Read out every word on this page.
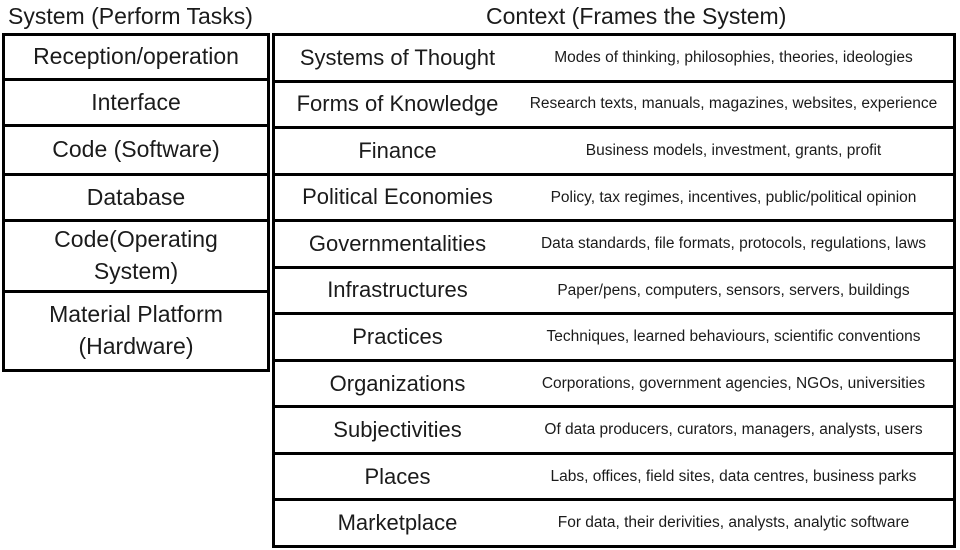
System (Perform Tasks)	Context (Frames the System)
Reception/operation
Interface
Code (Software)
Database
Code(Operating System)
Material Platform (Hardware)
Systems of Thought	Modes of thinking, philosophies, theories, ideologies
Forms of Knowledge	Research texts, manuals, magazines, websites, experience
Finance	Business models, investment, grants, profit
Political Economies	Policy, tax regimes, incentives, public/political opinion
Governmentalities	Data standards, file formats, protocols, regulations, laws
Infrastructures	Paper/pens, computers, sensors, servers, buildings
Practices	Techniques, learned behaviours, scientific conventions
Organizations	Corporations, government agencies, NGOs, universities
Subjectivities	Of data producers, curators, managers, analysts, users
Places	Labs, offices, field sites, data centres, business parks
Marketplace	For data, their derivities, analysts, analytic software
